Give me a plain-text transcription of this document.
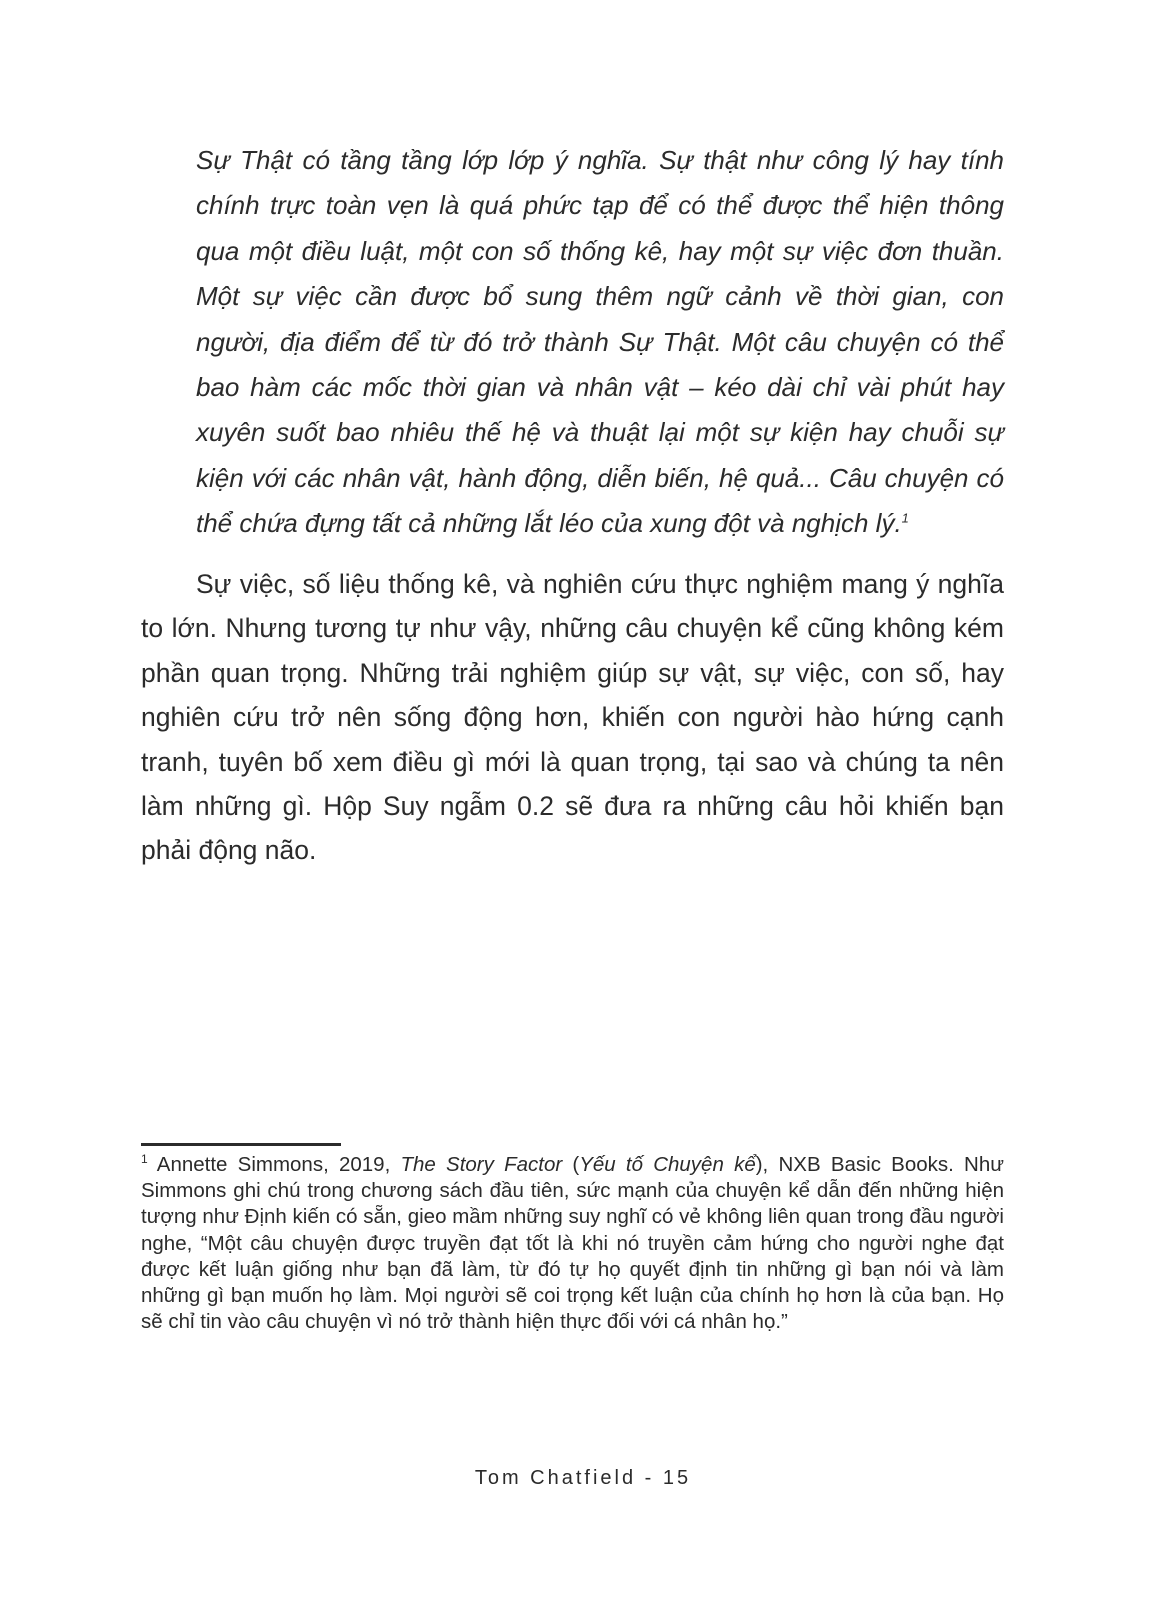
Sự Thật có tầng tầng lớp lớp ý nghĩa. Sự thật như công lý hay tính chính trực toàn vẹn là quá phức tạp để có thể được thể hiện thông qua một điều luật, một con số thống kê, hay một sự việc đơn thuần. Một sự việc cần được bổ sung thêm ngữ cảnh về thời gian, con người, địa điểm để từ đó trở thành Sự Thật. Một câu chuyện có thể bao hàm các mốc thời gian và nhân vật – kéo dài chỉ vài phút hay xuyên suốt bao nhiêu thế hệ và thuật lại một sự kiện hay chuỗi sự kiện với các nhân vật, hành động, diễn biến, hệ quả... Câu chuyện có thể chứa đựng tất cả những lắt léo của xung đột và nghịch lý.$^1$

Sự việc, số liệu thống kê, và nghiên cứu thực nghiệm mang ý nghĩa to lớn. Nhưng tương tự như vậy, những câu chuyện kể cũng không kém phần quan trọng. Những trải nghiệm giúp sự vật, sự việc, con số, hay nghiên cứu trở nên sống động hơn, khiến con người hào hứng cạnh tranh, tuyên bố xem điều gì mới là quan trọng, tại sao và chúng ta nên làm những gì. Hộp Suy ngẫm 0.2 sẽ đưa ra những câu hỏi khiến bạn phải động não.

$^1$ Annette Simmons, 2019, The Story Factor (Yếu tố Chuyện kể), NXB Basic Books. Như Simmons ghi chú trong chương sách đầu tiên, sức mạnh của chuyện kể dẫn đến những hiện tượng như Định kiến có sẵn, gieo mầm những suy nghĩ có vẻ không liên quan trong đầu người nghe, “Một câu chuyện được truyền đạt tốt là khi nó truyền cảm hứng cho người nghe đạt được kết luận giống như bạn đã làm, từ đó tự họ quyết định tin những gì bạn nói và làm những gì bạn muốn họ làm. Mọi người sẽ coi trọng kết luận của chính họ hơn là của bạn. Họ sẽ chỉ tin vào câu chuyện vì nó trở thành hiện thực đối với cá nhân họ.”

Tom Chatfield - 15
